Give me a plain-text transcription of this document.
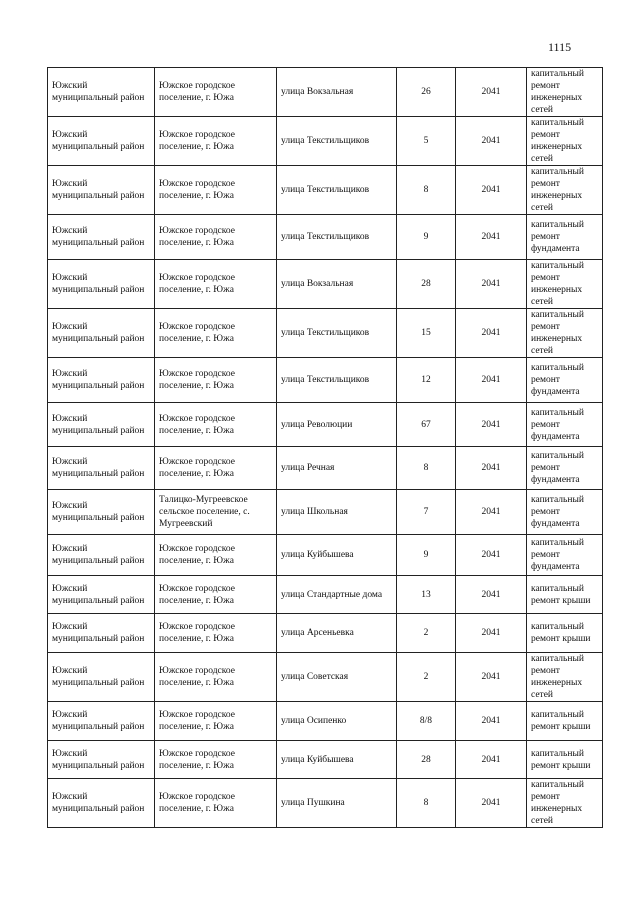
1115
Южский муниципальный район	Южское городское поселение, г. Южа	улица Вокзальная	26	2041	капитальный ремонт инженерных сетей
Южский муниципальный район	Южское городское поселение, г. Южа	улица Текстильщиков	5	2041	капитальный ремонт инженерных сетей
Южский муниципальный район	Южское городское поселение, г. Южа	улица Текстильщиков	8	2041	капитальный ремонт инженерных сетей
Южский муниципальный район	Южское городское поселение, г. Южа	улица Текстильщиков	9	2041	капитальный ремонт фундамента
Южский муниципальный район	Южское городское поселение, г. Южа	улица Вокзальная	28	2041	капитальный ремонт инженерных сетей
Южский муниципальный район	Южское городское поселение, г. Южа	улица Текстильщиков	15	2041	капитальный ремонт инженерных сетей
Южский муниципальный район	Южское городское поселение, г. Южа	улица Текстильщиков	12	2041	капитальный ремонт фундамента
Южский муниципальный район	Южское городское поселение, г. Южа	улица Революции	67	2041	капитальный ремонт фундамента
Южский муниципальный район	Южское городское поселение, г. Южа	улица Речная	8	2041	капитальный ремонт фундамента
Южский муниципальный район	Талицко-Мугреевское сельское поселение, с. Мугреевский	улица Школьная	7	2041	капитальный ремонт фундамента
Южский муниципальный район	Южское городское поселение, г. Южа	улица Куйбышева	9	2041	капитальный ремонт фундамента
Южский муниципальный район	Южское городское поселение, г. Южа	улица Стандартные дома	13	2041	капитальный ремонт крыши
Южский муниципальный район	Южское городское поселение, г. Южа	улица Арсеньевка	2	2041	капитальный ремонт крыши
Южский муниципальный район	Южское городское поселение, г. Южа	улица Советская	2	2041	капитальный ремонт инженерных сетей
Южский муниципальный район	Южское городское поселение, г. Южа	улица Осипенко	8/8	2041	капитальный ремонт крыши
Южский муниципальный район	Южское городское поселение, г. Южа	улица Куйбышева	28	2041	капитальный ремонт крыши
Южский муниципальный район	Южское городское поселение, г. Южа	улица Пушкина	8	2041	капитальный ремонт инженерных сетей
